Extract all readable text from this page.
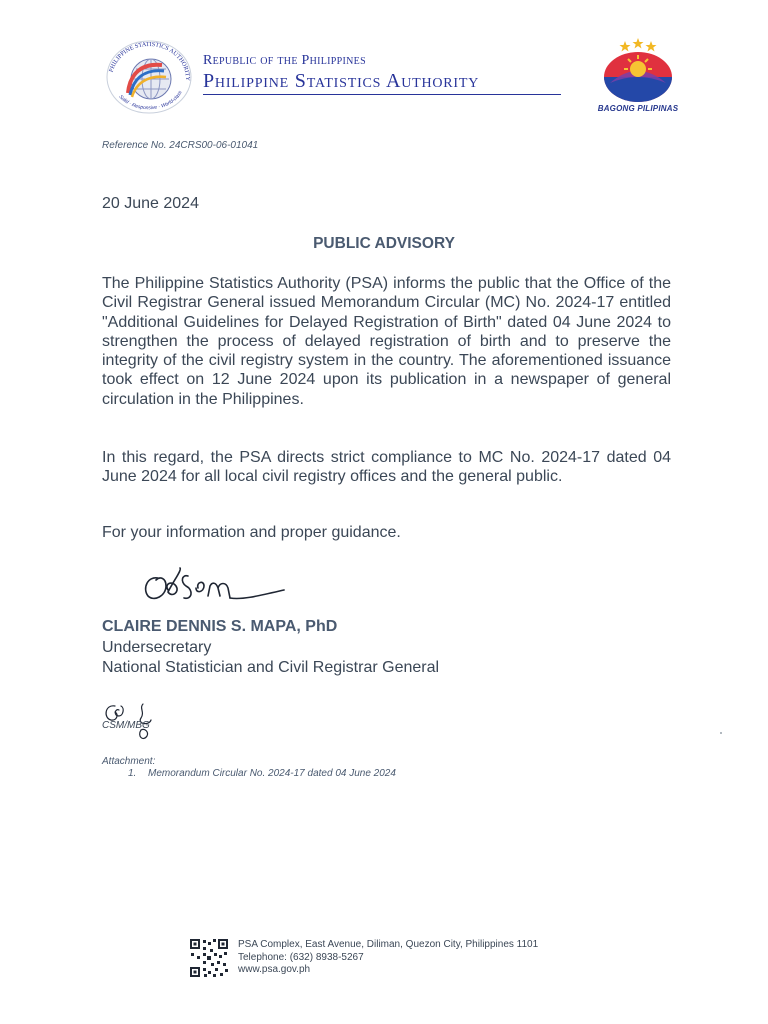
PHILIPPINE STATISTICS AUTHORITY
Solid · Responsive · World-class
Republic of the Philippines
Philippine Statistics Authority
BAGONG PILIPINAS
Reference No. 24CRS00-06-01041
20 June 2024
PUBLIC ADVISORY
The Philippine Statistics Authority (PSA) informs the public that the Office of the Civil Registrar General issued Memorandum Circular (MC) No. 2024-17 entitled "Additional Guidelines for Delayed Registration of Birth" dated 04 June 2024 to strengthen the process of delayed registration of birth and to preserve the integrity of the civil registry system in the country. The aforementioned issuance took effect on 12 June 2024 upon its publication in a newspaper of general circulation in the Philippines.
In this regard, the PSA directs strict compliance to MC No. 2024-17 dated 04 June 2024 for all local civil registry offices and the general public.
For your information and proper guidance.
CLAIRE DENNIS S. MAPA, PhD
Undersecretary
National Statistician and Civil Registrar General
CSM/MBG
Attachment:
1. Memorandum Circular No. 2024-17 dated 04 June 2024
PSA Complex, East Avenue, Diliman, Quezon City, Philippines 1101
Telephone: (632) 8938-5267
www.psa.gov.ph
